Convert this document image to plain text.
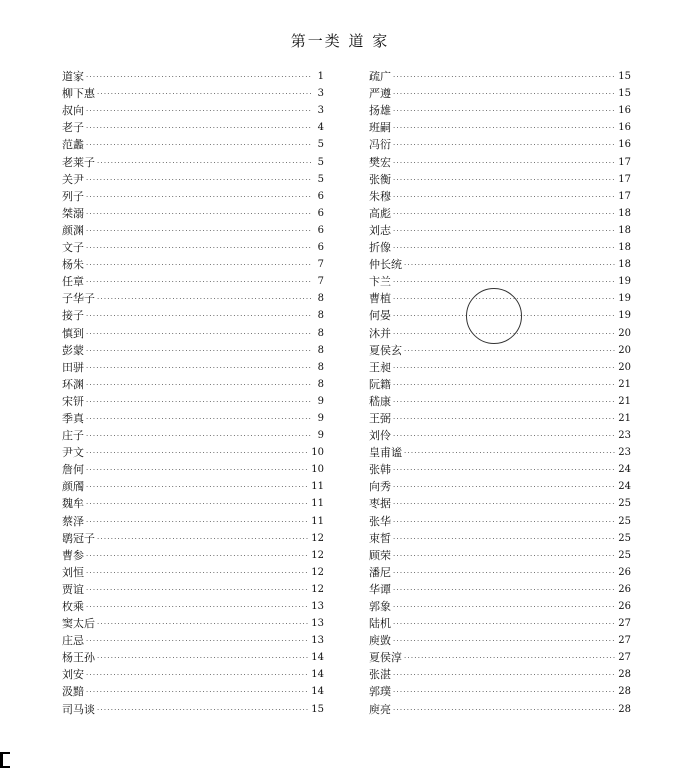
第一类 道 家
道家 ·····	1
柳下惠 ·····	3
叔向 ·····	3
老子 ·····	4
范蠡 ·····	5
老莱子 ·····	5
关尹 ·····	5
列子 ·····	6
桀溺 ·····	6
颜渊 ·····	6
文子 ·····	6
杨朱 ·····	7
任章 ·····	7
子华子 ·····	8
接子 ·····	8
慎到 ·····	8
彭蒙 ·····	8
田骈 ·····	8
环渊 ·····	8
宋钘 ·····	9
季真 ·····	9
庄子 ·····	9
尹文 ·····	10
詹何 ·····	10
颜斶 ·····	11
魏牟 ·····	11
蔡泽 ·····	11
鹖冠子 ·····	12
曹参 ·····	12
刘恒 ·····	12
贾谊 ·····	12
枚乘 ·····	13
窦太后 ·····	13
庄忌 ·····	13
杨王孙 ·····	14
刘安 ·····	14
汲黯 ·····	14
司马谈 ·····	15
疏广 ·····	15
严遵 ·····	15
扬雄 ·····	16
班嗣 ·····	16
冯衍 ·····	16
樊宏 ·····	17
张衡 ·····	17
朱穆 ·····	17
高彪 ·····	18
刘志 ·····	18
折像 ·····	18
仲长统 ·····	18
卞兰 ·····	19
曹植 ·····	19
何晏 ·····	19
沐并 ·····	20
夏侯玄 ·····	20
王昶 ·····	20
阮籍 ·····	21
嵇康 ·····	21
王弼 ·····	21
刘伶 ·····	23
皇甫谧 ·····	23
张韩 ·····	24
向秀 ·····	24
枣据 ·····	25
张华 ·····	25
束皙 ·····	25
顾荣 ·····	25
潘尼 ·····	26
华谭 ·····	26
郭象 ·····	26
陆机 ·····	27
庾敳 ·····	27
夏侯淳 ·····	27
张湛 ·····	28
郭璞 ·····	28
庾亮 ·····	28
